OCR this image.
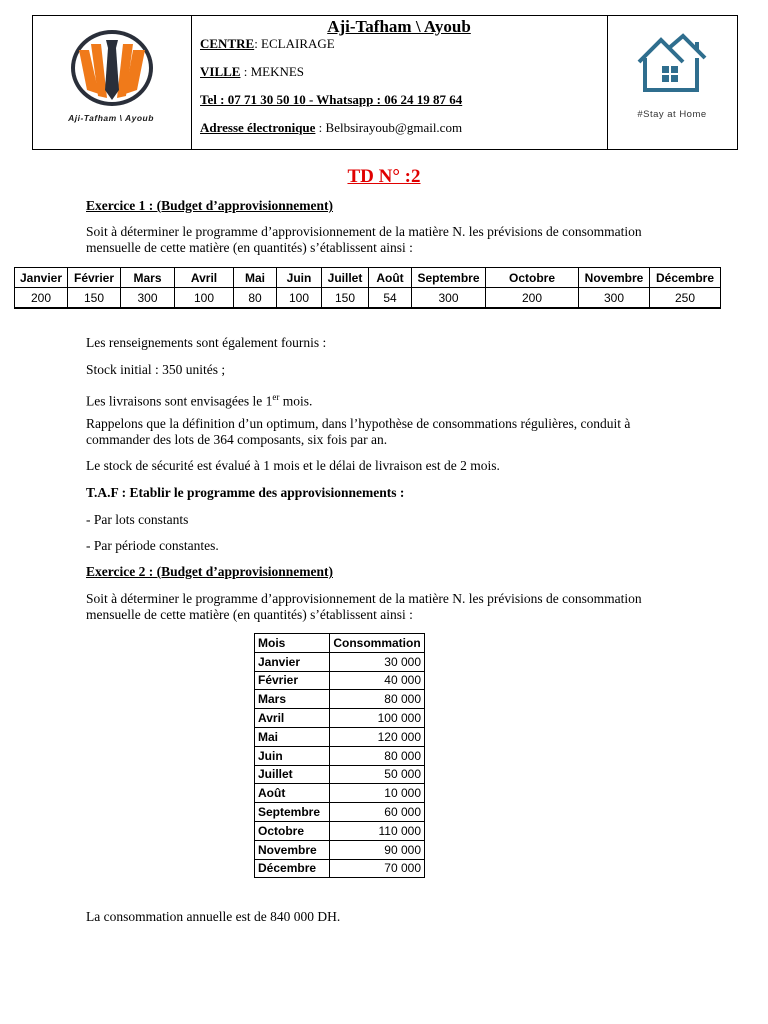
Aji-Tafham \ Ayoub
Aji-Tafham \ Ayoub
CENTRE: ECLAIRAGE
VILLE : MEKNES
Tel : 07 71 30 50 10 - Whatsapp : 06 24 19 87 64
Adresse électronique : Belbsirayoub@gmail.com
#Stay at Home
TD N° :2
Exercice 1 : (Budget d’approvisionnement)
Soit à déterminer le programme d’approvisionnement de la matière N. les prévisions de consommation
mensuelle de cette matière (en quantités) s’établissent ainsi :
Janvier	Février	Mars	Avril	Mai	Juin	Juillet	Août	Septembre	Octobre	Novembre	Décembre
200	150	300	100	80	100	150	54	300	200	300	250
Les renseignements sont également fournis :
Stock initial : 350 unités ;
Les livraisons sont envisagées le 1er mois.
Rappelons que la définition d’un optimum, dans l’hypothèse de consommations régulières, conduit à
commander des lots de 364 composants, six fois par an.
Le stock de sécurité est évalué à 1 mois et le délai de livraison est de 2 mois.
T.A.F : Etablir le programme des approvisionnements :
- Par lots constants
- Par période constantes.
Exercice 2 : (Budget d’approvisionnement)
Soit à déterminer le programme d’approvisionnement de la matière N. les prévisions de consommation
mensuelle de cette matière (en quantités) s’établissent ainsi :
Mois	Consommation
Janvier	30 000
Février	40 000
Mars	80 000
Avril	100 000
Mai	120 000
Juin	80 000
Juillet	50 000
Août	10 000
Septembre	60 000
Octobre	110 000
Novembre	90 000
Décembre	70 000
La consommation annuelle est de 840 000 DH.
